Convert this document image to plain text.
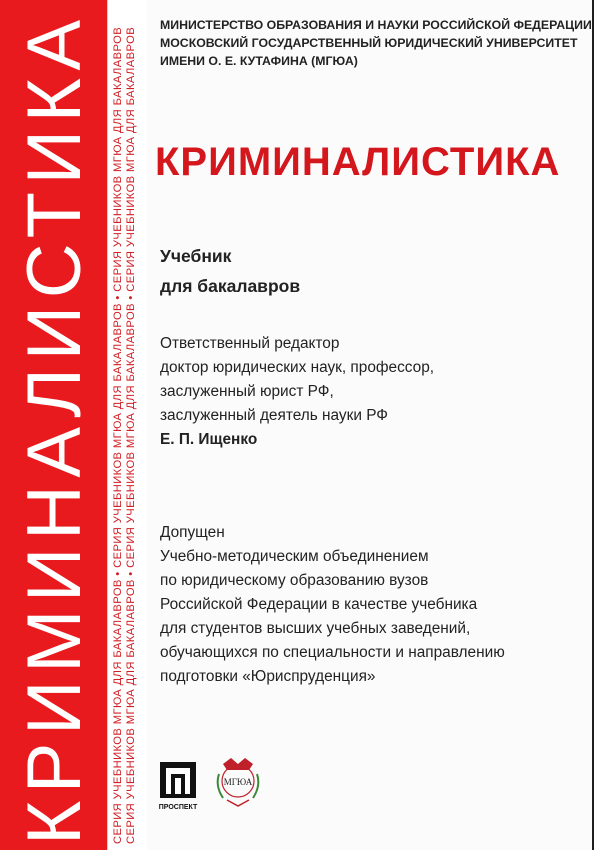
КРИМИНАЛИСТИКА СЕРИЯ УЧЕБНИКОВ МГЮА ДЛЯ БАКАЛАВРОВ • СЕРИЯ УЧЕБНИКОВ МГЮА ДЛЯ БАКАЛАВРОВ • СЕРИЯ УЧЕБНИКОВ МГЮА ДЛЯ БАКАЛАВРОВ СЕРИЯ УЧЕБНИКОВ МГЮА ДЛЯ БАКАЛАВРОВ • СЕРИЯ УЧЕБНИКОВ МГЮА ДЛЯ БАКАЛАВРОВ • СЕРИЯ УЧЕБНИКОВ МГЮА ДЛЯ БАКАЛАВРОВ
МИНИСТЕРСТВО ОБРАЗОВАНИЯ И НАУКИ РОССИЙСКОЙ ФЕДЕРАЦИИ
МОСКОВСКИЙ ГОСУДАРСТВЕННЫЙ ЮРИДИЧЕСКИЙ УНИВЕРСИТЕТ
ИМЕНИ О. Е. КУТАФИНА (МГЮА)
КРИМИНАЛИСТИКА
Учебник
для бакалавров
Ответственный редактор
доктор юридических наук, профессор,
заслуженный юрист РФ,
заслуженный деятель науки РФ
Е. П. Ищенко
Допущен
Учебно-методическим объединением
по юридическому образованию вузов
Российской Федерации в качестве учебника
для студентов высших учебных заведений,
обучающихся по специальности и направлению
подготовки «Юриспруденция»
ПРОСПЕКТ
МГЮА
